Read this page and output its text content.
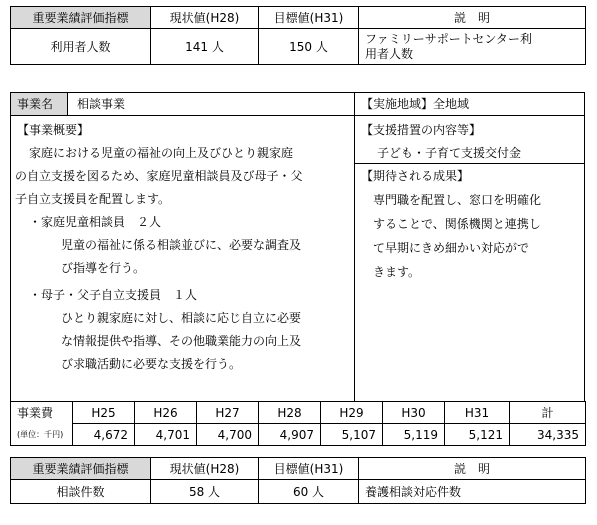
重要業績評価指標	現状値(H28)	目標値(H31)	説　明
利用者人数	141 人	150 人	ファミリーサポートセンター利
用者人数
事業名	相談事業	【実施地域】全地域
【事業概要】
家庭における児童の福祉の向上及びひとり親家庭
の自立支援を図るため、家庭児童相談員及び母子・父
子自立支援員を配置します。
・家庭児童相談員　２人
児童の福祉に係る相談並びに、必要な調査及
び指導を行う。
・母子・父子自立支援員　１人
ひとり親家庭に対し、相談に応じ自立に必要
な情報提供や指導、その他職業能力の向上及
び求職活動に必要な支援を行う。
【支援措置の内容等】
子ども・子育て支援交付金
【期待される成果】
専門職を配置し、窓口を明確化
することで、関係機関と連携し
て早期にきめ細かい対応がで
きます。
事業費	H25	H26	H27	H28	H29	H30	H31	計
(単位：千円)	4,672	4,701	4,700	4,907	5,107	5,119	5,121	34,335
重要業績評価指標	現状値(H28)	目標値(H31)	説　明
相談件数	58 人	60 人	養護相談対応件数
